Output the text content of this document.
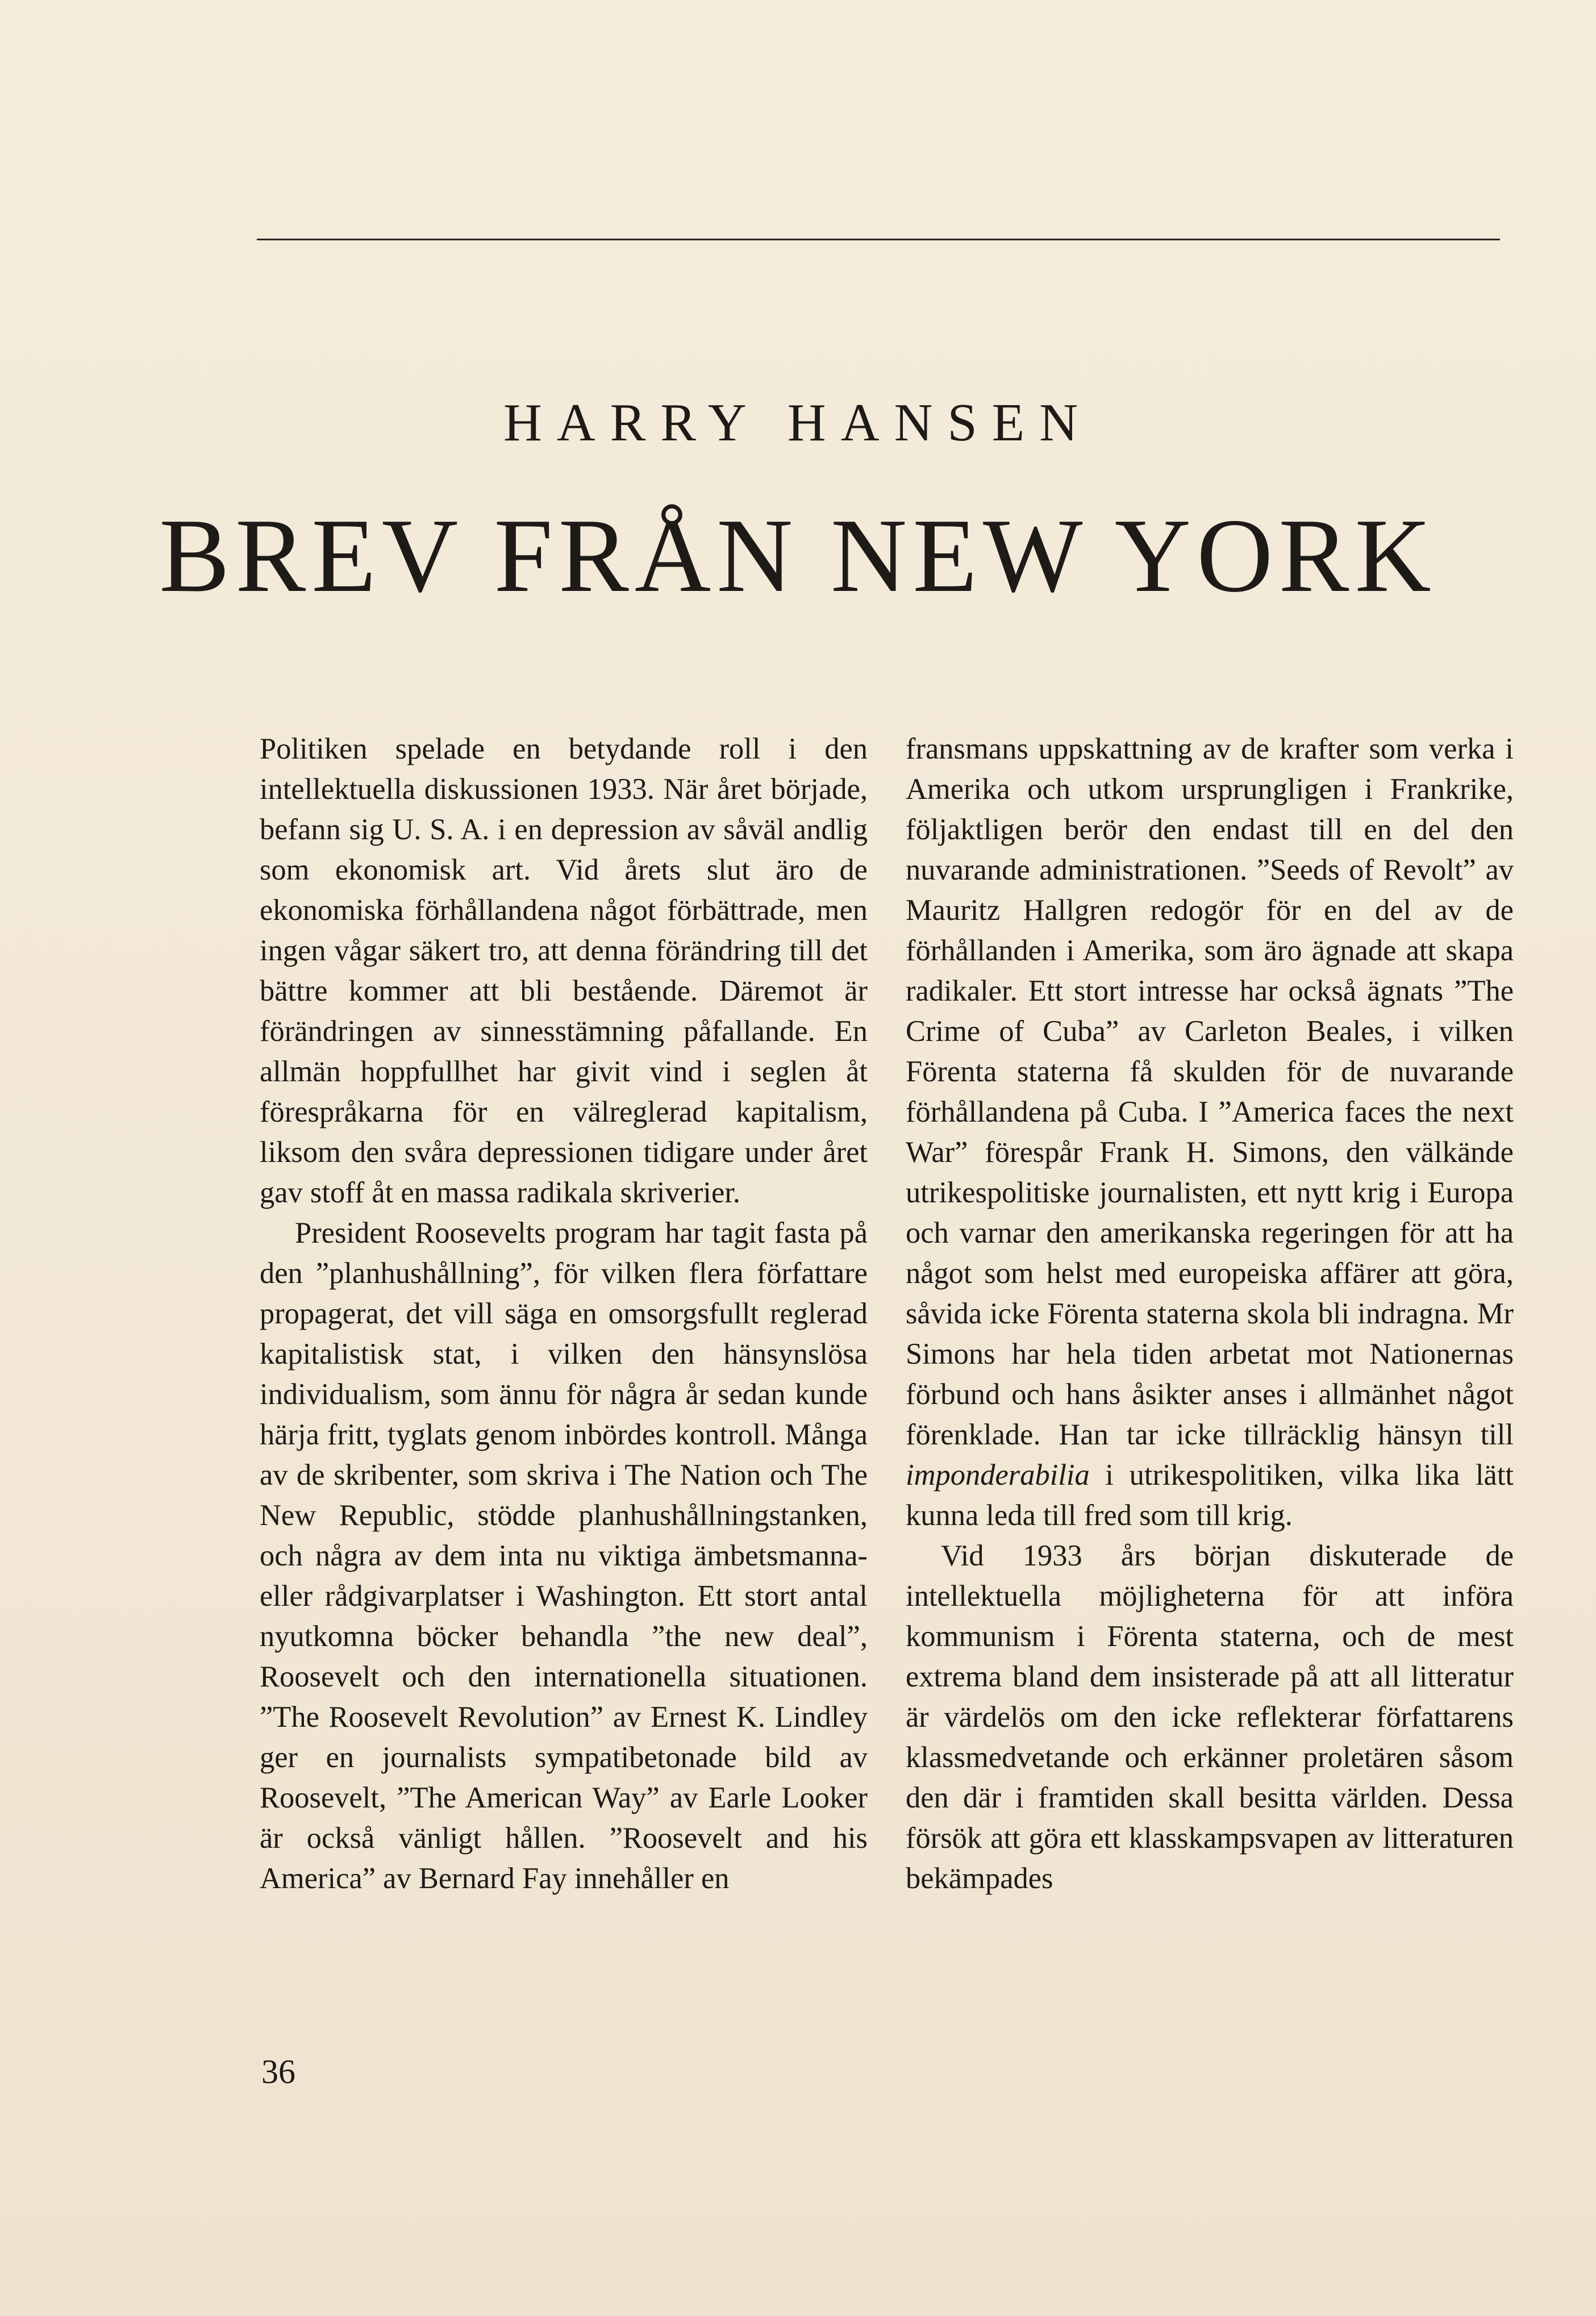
HARRY HANSEN
BREV FRÅN NEW YORK

Politiken spelade en betydande roll i den intellektuella diskussionen 1933. När året började, befann sig U. S. A. i en depression av såväl andlig som ekonomisk art. Vid årets slut äro de ekonomiska förhållandena något förbättrade, men ingen vågar säkert tro, att denna förändring till det bättre kommer att bli bestående. Däremot är förändringen av sinnesstämning påfallande. En allmän hoppfullhet har givit vind i seglen åt förespråkarna för en välreglerad kapitalism, liksom den svåra depressionen tidigare under året gav stoff åt en massa radikala skriverier.

President Roosevelts program har tagit fasta på den ”planhushållning”, för vilken flera författare propagerat, det vill säga en omsorgsfullt reglerad kapitalistisk stat, i vilken den hänsynslösa individualism, som ännu för några år sedan kunde härja fritt, tyglats genom inbördes kontroll. Många av de skribenter, som skriva i The Nation och The New Republic, stödde planhushållningstanken, och några av dem inta nu viktiga ämbetsmanna- eller rådgivarplatser i Washington. Ett stort antal nyutkomna böcker behandla ”the new deal”, Roosevelt och den internationella situationen. ”The Roosevelt Revolution” av Ernest K. Lindley ger en journalists sympatibetonade bild av Roosevelt, ”The American Way” av Earle Looker är också vänligt hållen. ”Roosevelt and his America” av Bernard Fay innehåller en

fransmans uppskattning av de krafter som verka i Amerika och utkom ursprungligen i Frankrike, följaktligen berör den endast till en del den nuvarande administrationen. ”Seeds of Revolt” av Mauritz Hallgren redogör för en del av de förhållanden i Amerika, som äro ägnade att skapa radikaler. Ett stort intresse har också ägnats ”The Crime of Cuba” av Carleton Beales, i vilken Förenta staterna få skulden för de nuvarande förhållandena på Cuba. I ”America faces the next War” förespår Frank H. Simons, den välkände utrikespolitiske journalisten, ett nytt krig i Europa och varnar den amerikanska regeringen för att ha något som helst med europeiska affärer att göra, såvida icke Förenta staterna skola bli indragna. Mr Simons har hela tiden arbetat mot Nationernas förbund och hans åsikter anses i allmänhet något förenklade. Han tar icke tillräcklig hänsyn till imponderabilia i utrikespolitiken, vilka lika lätt kunna leda till fred som till krig.

Vid 1933 års början diskuterade de intellektuella möjligheterna för att införa kommunism i Förenta staterna, och de mest extrema bland dem insisterade på att all litteratur är värdelös om den icke reflekterar författarens klassmedvetande och erkänner proletären såsom den där i framtiden skall besitta världen. Dessa försök att göra ett klasskampsvapen av litteraturen bekämpades

36
